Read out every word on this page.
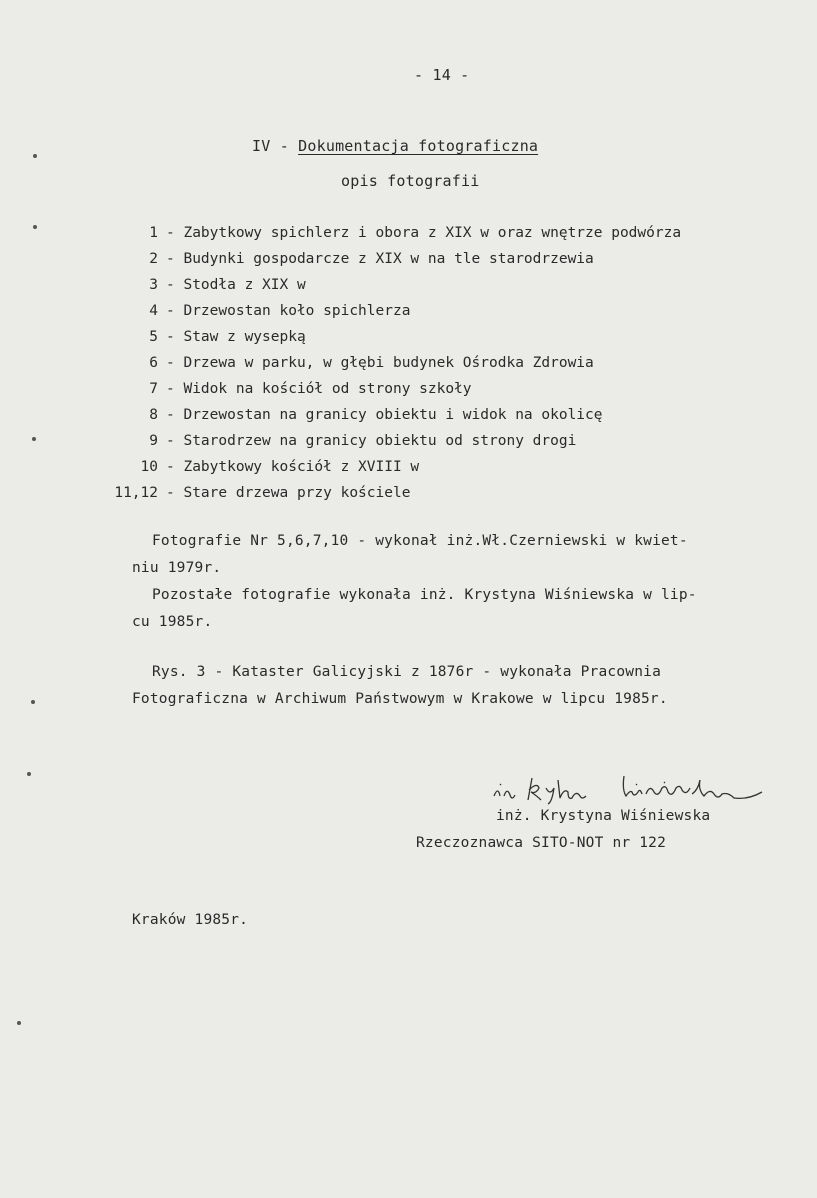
- 14 -
IV - Dokumentacja fotograficzna
opis fotografii
1 - Zabytkowy spichlerz i obora z XIX w oraz wnętrze podwórza
2 - Budynki gospodarcze z XIX w na tle starodrzewia
3 - Stodła z XIX w
4 - Drzewostan koło spichlerza
5 - Staw z wysepką
6 - Drzewa w parku, w głębi budynek Ośrodka Zdrowia
7 - Widok na kościół od strony szkoły
8 - Drzewostan na granicy obiektu i widok na okolicę
9 - Starodrzew na granicy obiektu od strony drogi
10 - Zabytkowy kościół z XVIII w
11,12 - Stare drzewa przy kościele
Fotografie Nr 5,6,7,10 - wykonał inż.Wł.Czerniewski w kwiet-
niu 1979r.
Pozostałe fotografie wykonała inż. Krystyna Wiśniewska w lip-
cu 1985r.
Rys. 3 - Kataster Galicyjski z 1876r - wykonała Pracownia
Fotograficzna w Archiwum Państwowym w Krakowe w lipcu 1985r.
inż. Krystyna Wiśniewska
Rzeczoznawca SITO-NOT nr 122
Kraków 1985r.
